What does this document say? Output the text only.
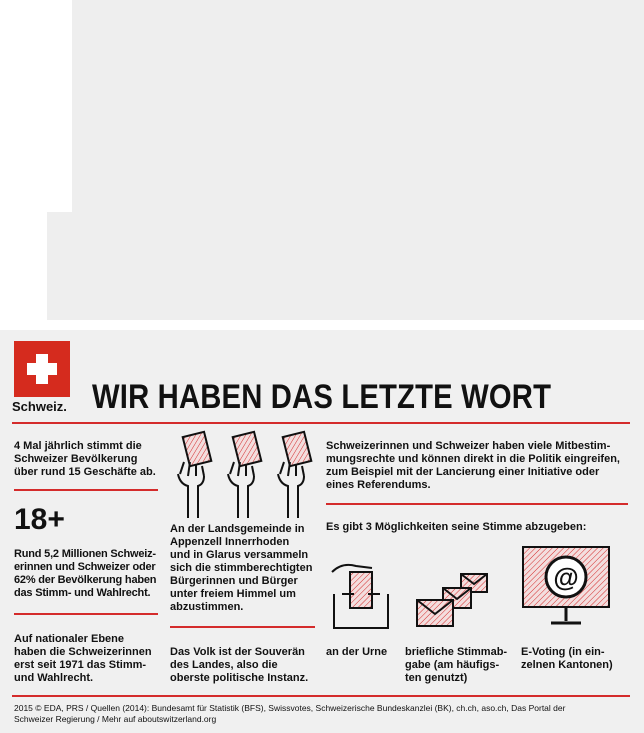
Schweiz. WIR HABEN DAS LETZTE WORT
4 Mal jährlich stimmt die
Schweizer Bevölkerung
über rund 15 Geschäfte ab.
18+
Rund 5,2 Millionen Schweiz-
erinnen und Schweizer oder
62% der Bevölkerung haben
das Stimm- und Wahlrecht.
Auf nationaler Ebene
haben die Schweizerinnen
erst seit 1971 das Stimm-
und Wahlrecht.
An der Landsgemeinde in
Appenzell Innerrhoden
und in Glarus versammeln
sich die stimmberechtigten
Bürgerinnen und Bürger
unter freiem Himmel um
abzustimmen.
Das Volk ist der Souverän
des Landes, also die
oberste politische Instanz.
Schweizerinnen und Schweizer haben viele Mitbestim-
mungsrechte und können direkt in die Politik eingreifen,
zum Beispiel mit der Lancierung einer Initiative oder
eines Referendums.
Es gibt 3 Möglichkeiten seine Stimme abzugeben:
@
an der Urne briefliche Stimmab-
gabe (am häufigs-
ten genutzt)
E-Voting (in ein-
zelnen Kantonen)
2015 © EDA, PRS / Quellen (2014): Bundesamt für Statistik (BFS), Swissvotes, Schweizerische Bundeskanzlei (BK), ch.ch, aso.ch, Das Portal der
Schweizer Regierung / Mehr auf aboutswitzerland.org
